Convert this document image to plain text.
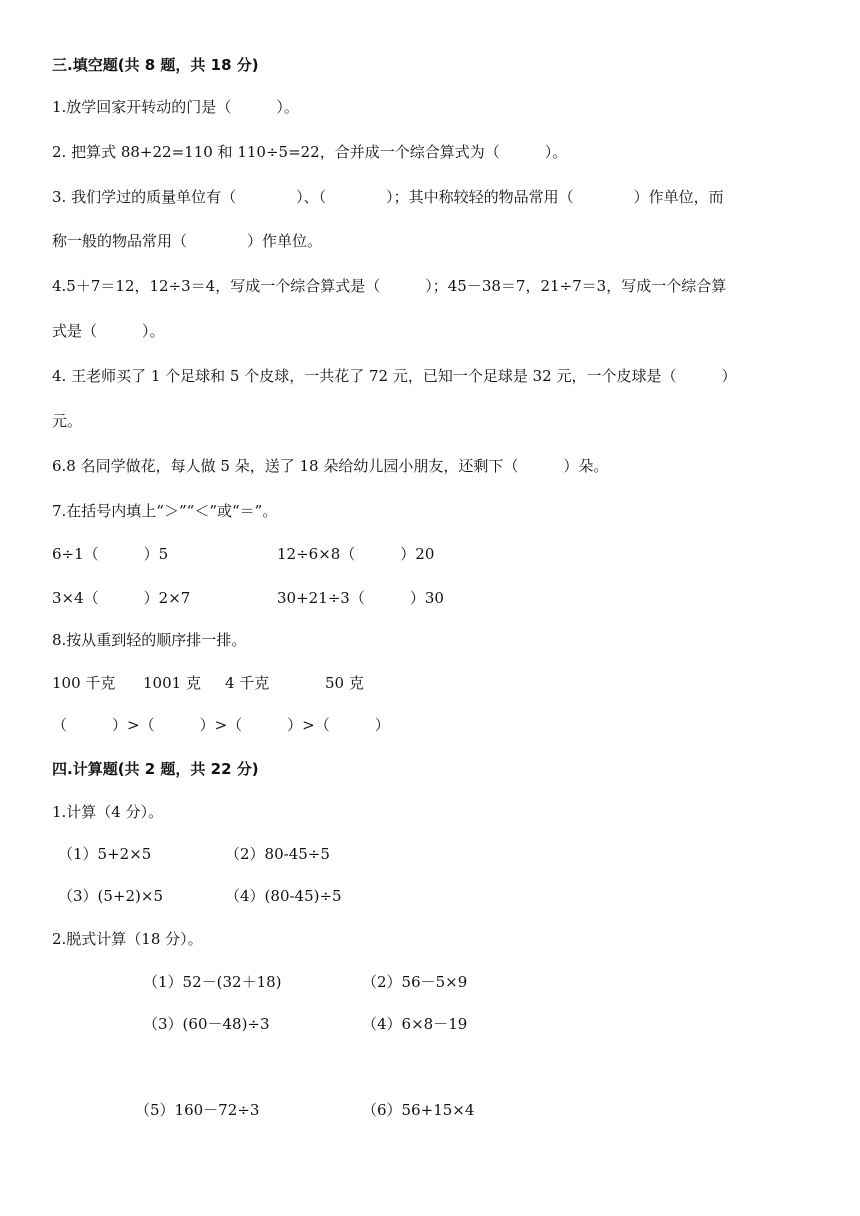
三.填空题(共 8 题，共 18 分)
1.放学回家开转动的门是（　　　）。
2. 把算式 88+22=110 和 110÷5=22，合并成一个综合算式为（　　　）。
3. 我们学过的质量单位有（　　　　）、（　　　　）；其中称较轻的物品常用（　　　　）作单位，而
称一般的物品常用（　　　　）作单位。
4.5＋7＝12，12÷3＝4，写成一个综合算式是（　　　）；45－38＝7，21÷7＝3，写成一个综合算
式是（　　　）。
4. 王老师买了 1 个足球和 5 个皮球，一共花了 72 元，已知一个足球是 32 元，一个皮球是（　　　）
元。
6.8 名同学做花，每人做 5 朵，送了 18 朵给幼儿园小朋友，还剩下（　　　）朵。
7.在括号内填上“＞”“＜”或“＝”。
6÷1（　　　）5	12÷6×8（　　　）20
3×4（　　　）2×7	30+21÷3（　　　）30
8.按从重到轻的顺序排一排。
100 千克 1001 克 4 千克	50 克
（　　　）>（　　　）>（　　　）>（　　　）
四.计算题(共 2 题，共 22 分)
1.计算（4 分）。
（1）5+2×5	（2）80-45÷5
（3）(5+2)×5	（4）(80-45)÷5
2.脱式计算（18 分）。
（1）52－(32＋18)	（2）56－5×9
（3）(60－48)÷3	（4）6×8－19
（5）160－72÷3	（6）56+15×4
